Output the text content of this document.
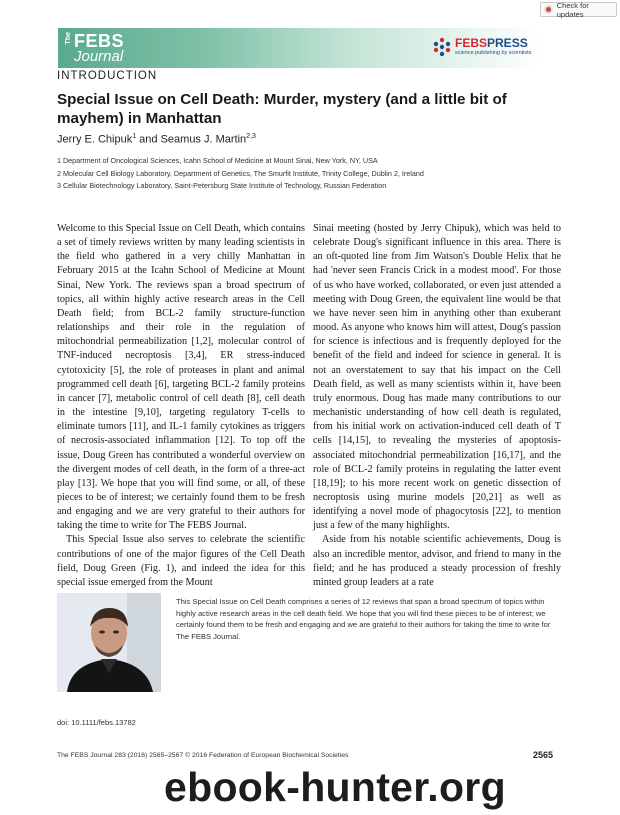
Check for updates
The FEBS
Journal
FEBSPRESS
science publishing by scientists
INTRODUCTION
Special Issue on Cell Death: Murder, mystery (and a little bit of mayhem) in Manhattan
Jerry E. Chipuk$^1$ and Seamus J. Martin$^{2,3}$
1 Department of Oncological Sciences, Icahn School of Medicine at Mount Sinai, New York, NY, USA
2 Molecular Cell Biology Laboratory, Department of Genetics, The Smurfit Institute, Trinity College, Dublin 2, Ireland
3 Cellular Biotechnology Laboratory, Saint-Petersburg State Institute of Technology, Russian Federation

Welcome to this Special Issue on Cell Death, which contains a set of timely reviews written by many leading scientists in the field who gathered in a very chilly Manhattan in February 2015 at the Icahn School of Medicine at Mount Sinai, New York. The reviews span a broad spectrum of topics, all within highly active research areas in the Cell Death field; from BCL-2 family structure-function relationships and their role in the regulation of mitochondrial permeabilization [1,2], molecular control of TNF-induced necroptosis [3,4], ER stress-induced cytotoxicity [5], the role of proteases in plant and animal programmed cell death [6], targeting BCL-2 family proteins in cancer [7], metabolic control of cell death [8], cell death in the intestine [9,10], targeting regulatory T-cells to eliminate tumors [11], and IL-1 family cytokines as triggers of necrosis-associated inflammation [12]. To top off the issue, Doug Green has contributed a wonderful overview on the divergent modes of cell death, in the form of a three-act play [13]. We hope that you will find some, or all, of these pieces to be of interest; we certainly found them to be fresh and engaging and we are very grateful to their authors for taking the time to write for The FEBS Journal.

This Special Issue also serves to celebrate the scientific contributions of one of the major figures of the Cell Death field, Doug Green (Fig. 1), and indeed the idea for this special issue emerged from the Mount

Sinai meeting (hosted by Jerry Chipuk), which was held to celebrate Doug's significant influence in this area. There is an oft-quoted line from Jim Watson's Double Helix that he had 'never seen Francis Crick in a modest mood'. For those of us who have worked, collaborated, or even just attended a meeting with Doug Green, the equivalent line would be that we have never seen him in anything other than exuberant mood. As anyone who knows him will attest, Doug's passion for science is infectious and is frequently deployed for the benefit of the field and indeed for science in general. It is not an overstatement to say that his impact on the Cell Death field, as well as many scientists within it, have been truly enormous. Doug has made many contributions to our mechanistic understanding of how cell death is regulated, from his initial work on activation-induced cell death of T cells [14,15], to revealing the mysteries of apoptosis-associated mitochondrial permeabilization [16,17], and the role of BCL-2 family proteins in regulating the latter event [18,19]; to his more recent work on genetic dissection of necroptosis using murine models [20,21] as well as identifying a novel mode of phagocytosis [22], to mention just a few of the many highlights.

Aside from his notable scientific achievements, Doug is also an incredible mentor, advisor, and friend to many in the field; and he has produced a steady procession of freshly minted group leaders at a rate

This Special Issue on Cell Death comprises a series of 12 reviews that span a broad spectrum of topics within highly active research areas in the cell death field. We hope that you will find these pieces to be of interest; we certainly found them to be fresh and engaging and we are grateful to their authors for taking the time to write for The FEBS Journal.
doi: 10.1111/febs.13782
The FEBS Journal 283 (2016) 2565–2567 © 2016 Federation of European Biochemical Societies	2565
ebook-hunter.org
